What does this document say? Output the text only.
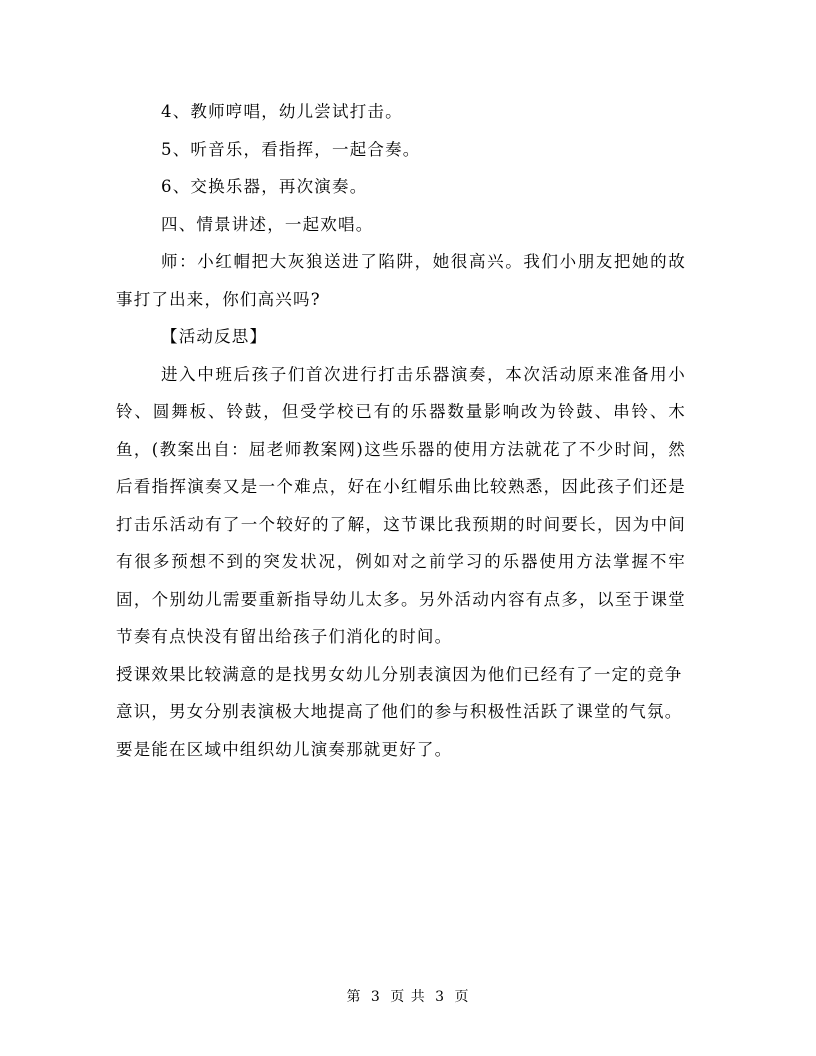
4、教师哼唱，幼儿尝试打击。

5、听音乐，看指挥，一起合奏。

6、交换乐器，再次演奏。

四、情景讲述，一起欢唱。

师：小红帽把大灰狼送进了陷阱，她很高兴。我们小朋友把她的故事打了出来，你们高兴吗?

【活动反思】

进入中班后孩子们首次进行打击乐器演奏，本次活动原来准备用小铃、圆舞板、铃鼓，但受学校已有的乐器数量影响改为铃鼓、串铃、木鱼，(教案出自：屈老师教案网)这些乐器的使用方法就花了不少时间，然后看指挥演奏又是一个难点，好在小红帽乐曲比较熟悉，因此孩子们还是打击乐活动有了一个较好的了解，这节课比我预期的时间要长，因为中间有很多预想不到的突发状况，例如对之前学习的乐器使用方法掌握不牢固，个别幼儿需要重新指导幼儿太多。另外活动内容有点多，以至于课堂节奏有点快没有留出给孩子们消化的时间。

授课效果比较满意的是找男女幼儿分别表演因为他们已经有了一定的竞争意识，男女分别表演极大地提高了他们的参与积极性活跃了课堂的气氛。要是能在区域中组织幼儿演奏那就更好了。

第 3 页 共 3 页
